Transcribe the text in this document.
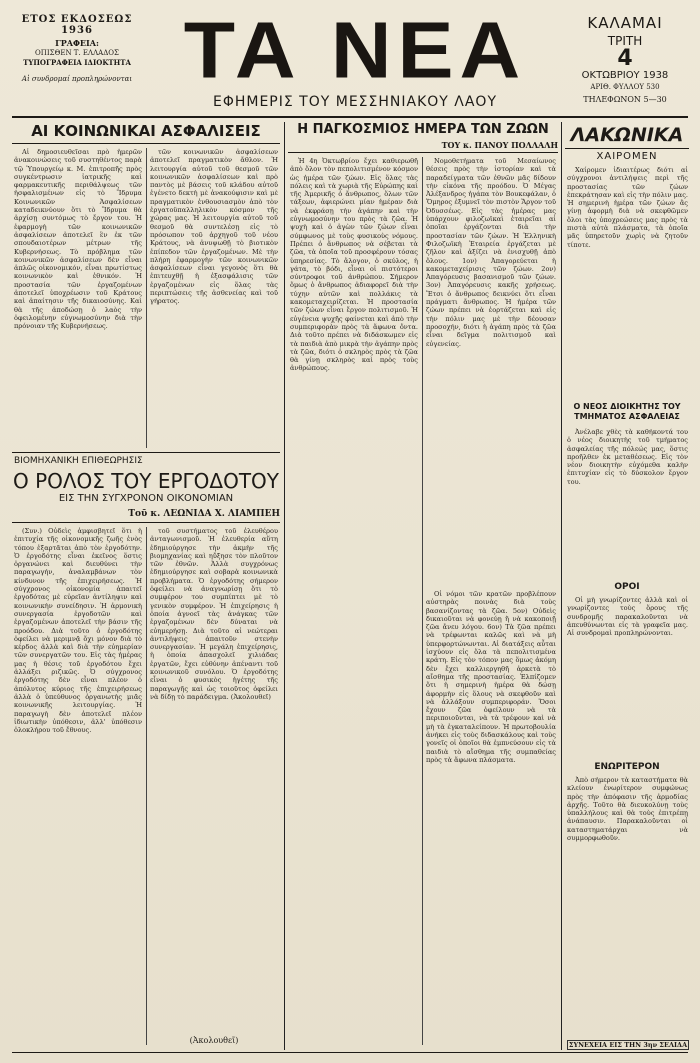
ΕΤΟΣ ΕΚΔΟΣΕΩΣ 1936
ΓΡΑΦΕΙΑ:
ΟΠΙΣΘΕΝ Τ. ΕΛΛΑΔΟΣ
ΤΥΠΟΓΡΑΦΕΙΑ ΙΔΙΟΚΤΗΤΑ
Αἱ συνδρομαί προπληρώνονται ΤΑ ΝΕΑ
ΕΦΗΜΕΡΙΣ ΤΟΥ ΜΕΣΣΗΝΙΑΚΟΥ ΛΑΟΥ
ΚΑΛΑΜΑΙ
ΤΡΙΤΗ
4
ΟΚΤΩΒΡΙΟΥ 1938
ΑΡΙΘ. ΦΥΛΛΟΥ 530
ΤΗΛΕΦΩΝΟΝ 5—30
ΑΙ ΚΟΙΝΩΝΙΚΑΙ ΑΣΦΑΛΙΣΕΙΣ

Αἱ δημοσιευθεῖσαι πρὸ ἡμερῶν ἀνακοινώσεις τοῦ συστηθέντος παρὰ τῷ Ὑπουργείῳ κ. Μ. ἐπιτροπῆς πρὸς συγκέντρωσιν ἰατρικῆς καὶ φαρμακευτικῆς περιθάλψεως τῶν ἠσφαλισμένων εἰς τὸ Ἵδρυμα Κοινωνικῶν Ἀσφαλίσεων καταδεικνύουν ὅτι τὸ Ἵδρυμα θὰ ἀρχίσῃ συντόμως τὸ ἔργον του. Ἡ ἐφαρμογὴ τῶν κοινωνικῶν ἀσφαλίσεων ἀποτελεῖ ἓν ἐκ τῶν σπουδαιοτέρων μέτρων τῆς Κυβερνήσεως. Τὸ πρόβλημα τῶν κοινωνικῶν ἀσφαλίσεων δὲν εἶναι ἁπλῶς οἰκονομικόν, εἶναι πρωτίστως κοινωνικὸν καὶ ἐθνικόν. Ἡ προστασία τῶν ἐργαζομένων ἀποτελεῖ ὑποχρέωσιν τοῦ Κράτους καὶ ἀπαίτησιν τῆς δικαιοσύνης. Καὶ θὰ τῆς ἀποδώσῃ ὁ λαὸς τὴν ὀφειλομένην εὐγνωμοσύνην διὰ τὴν πρόνοιαν τῆς Κυβερνήσεως.

τῶν κοινωνικῶν ἀσφαλίσεων ἀποτελεῖ πραγματικὸν ἄθλον. Ἡ λειτουργία αὐτοῦ τοῦ θεσμοῦ τῶν κοινωνικῶν ἀσφαλίσεων καὶ πρὸ παντὸς μὲ βάσεις τοῦ κλάδου αὐτοῦ ἐγένετο δεκτὴ μὲ ἀνακούφισιν καὶ μὲ πραγματικὸν ἐνθουσιασμὸν ἀπὸ τὸν ἐργατοϋπαλληλικὸν κόσμον τῆς χώρας μας. Ἡ λειτουργία αὐτοῦ τοῦ θεσμοῦ θὰ συντελέσῃ εἰς τὸ πρόσωπον τοῦ ἀρχηγοῦ τοῦ νέου Κράτους, νὰ ἀνυψωθῇ τὸ βιοτικὸν ἐπίπεδον τῶν ἐργαζομένων. Μὲ τὴν πλήρη ἐφαρμογὴν τῶν κοινωνικῶν ἀσφαλίσεων εἶναι γεγονὸς ὅτι θὰ ἐπιτευχθῇ ἡ ἐξασφάλισις τῶν ἐργαζομένων εἰς ὅλας τὰς περιπτώσεις τῆς ἀσθενείας καὶ τοῦ γήρατος.

ΒΙΟΜΗΧΑΝΙΚΗ ΕΠΙΘΕΩΡΗΣΙΣ
Ο ΡΟΛΟΣ ΤΟΥ ΕΡΓΟΔΟΤΟΥ
ΕΙΣ ΤΗΝ ΣΥΓΧΡΟΝΟΝ ΟΙΚΟΝΟΜΙΑΝ
Τοῦ κ. ΛΕΩΝΙΔΑ Χ. ΛΙΑΜΠΕΗ

(Συν.) Οὐδεὶς ἀμφισβητεῖ ὅτι ἡ ἐπιτυχία τῆς οἰκονομικῆς ζωῆς ἑνὸς τόπου ἐξαρτᾶται ἀπὸ τὸν ἐργοδότην. Ὁ ἐργοδότης εἶναι ἐκεῖνος ὅστις ὀργανώνει καὶ διευθύνει τὴν παραγωγήν, ἀναλαμβάνων τὸν κίνδυνον τῆς ἐπιχειρήσεως. Ἡ σύγχρονος οἰκονομία ἀπαιτεῖ ἐργοδότας μὲ εὐρεῖαν ἀντίληψιν καὶ κοινωνικὴν συνείδησιν. Ἡ ἁρμονικὴ συνεργασία ἐργοδοτῶν καὶ ἐργαζομένων ἀποτελεῖ τὴν βάσιν τῆς προόδου. Διὰ τοῦτο ὁ ἐργοδότης ὀφείλει νὰ μεριμνᾷ ὄχι μόνον διὰ τὸ κέρδος ἀλλὰ καὶ διὰ τὴν εὐημερίαν τῶν συνεργατῶν του. Εἰς τὰς ἡμέρας μας ἡ θέσις τοῦ ἐργοδότου ἔχει ἀλλάξει ριζικῶς. Ὁ σύγχρονος ἐργοδότης δὲν εἶναι πλέον ὁ ἀπόλυτος κύριος τῆς ἐπιχειρήσεως ἀλλὰ ὁ ὑπεύθυνος ὀργανωτὴς μιᾶς κοινωνικῆς λειτουργίας. Ἡ παραγωγὴ δὲν ἀποτελεῖ πλέον ἰδιωτικὴν ὑπόθεσιν, ἀλλ' ὑπόθεσιν ὁλοκλήρου τοῦ ἔθνους.

τοῦ συστήματος τοῦ ἐλευθέρου ἀνταγωνισμοῦ. Ἡ ἐλευθερία αὕτη ἐδημιούργησε τὴν ἀκμὴν τῆς βιομηχανίας καὶ ηὔξησε τὸν πλοῦτον τῶν ἐθνῶν. Ἀλλὰ συγχρόνως ἐδημιούργησε καὶ σοβαρὰ κοινωνικὰ προβλήματα. Ὁ ἐργοδότης σήμερον ὀφείλει νὰ ἀναγνωρίσῃ ὅτι τὸ συμφέρον του συμπίπτει μὲ τὸ γενικὸν συμφέρον. Ἡ ἐπιχείρησις ἡ ὁποία ἀγνοεῖ τὰς ἀνάγκας τῶν ἐργαζομένων δὲν δύναται νὰ εὐημερήσῃ. Διὰ τοῦτο αἱ νεώτεραι ἀντιλήψεις ἀπαιτοῦν στενὴν συνεργασίαν. Ἡ μεγάλη ἐπιχείρησις, ἡ ὁποία ἀπασχολεῖ χιλιάδας ἐργατῶν, ἔχει εὐθύνην ἀπέναντι τοῦ κοινωνικοῦ συνόλου. Ὁ ἐργοδότης εἶναι ὁ φυσικὸς ἡγέτης τῆς παραγωγῆς καὶ ὡς τοιοῦτος ὀφείλει νὰ δίδῃ τὸ παράδειγμα. (Ἀκολουθεῖ)

(Ἀκολουθεῖ)
Η ΠΑΓΚΟΣΜΙΟΣ ΗΜΕΡΑ ΤΩΝ ΖΩΩΝ
ΤΟΥ κ. ΠΑΝΟΥ ΠΟΛΛΑΛΗ

Ἡ 4η Ὀκτωβρίου ἔχει καθιερωθῆ ἀπὸ ὅλον τὸν πεπολιτισμένον κόσμον ὡς ἡμέρα τῶν ζώων. Εἰς ὅλας τὰς πόλεις καὶ τὰ χωριὰ τῆς Εὐρώπης καὶ τῆς Ἀμερικῆς ὁ ἄνθρωπος, ὅλων τῶν τάξεων, ἀφιερώνει μίαν ἡμέραν διὰ νὰ ἐκφράσῃ τὴν ἀγάπην καὶ τὴν εὐγνωμοσύνην του πρὸς τὰ ζῶα. Ἡ ψυχὴ καὶ ὁ ἀγὼν τῶν ζώων εἶναι σύμφωνος μὲ τοὺς φυσικοὺς νόμους. Πρέπει ὁ ἄνθρωπος νὰ σέβεται τὰ ζῶα, τὰ ὁποῖα τοῦ προσφέρουν τόσας ὑπηρεσίας. Τὸ ἄλογον, ὁ σκύλος, ἡ γάτα, τὸ βόδι, εἶναι οἱ πιστότεροι σύντροφοι τοῦ ἀνθρώπου. Σήμερον ὅμως ὁ ἄνθρωπος ἀδιαφορεῖ διὰ τὴν τύχην αὐτῶν καὶ πολλάκις τὰ κακομεταχειρίζεται. Ἡ προστασία τῶν ζώων εἶναι ἔργον πολιτισμοῦ. Ἡ εὐγένεια ψυχῆς φαίνεται καὶ ἀπὸ τὴν συμπεριφορὰν πρὸς τὰ ἄφωνα ὄντα. Διὰ τοῦτο πρέπει νὰ διδάσκωμεν εἰς τὰ παιδιὰ ἀπὸ μικρὰ τὴν ἀγάπην πρὸς τὰ ζῶα, διότι ὁ σκληρὸς πρὸς τὰ ζῶα θὰ γίνῃ σκληρὸς καὶ πρὸς τοὺς ἀνθρώπους.

Νομοθετήματα τοῦ Μεσαίωνος θέσεις πρὸς τὴν ἱστορίαν καὶ τὰ παραδείγματα τῶν ἐθνῶν μᾶς δίδουν τὴν εἰκόνα τῆς προόδου. Ὁ Μέγας Ἀλέξανδρος ἠγάπα τὸν Βουκεφάλαν, ὁ Ὅμηρος ἐξυμνεῖ τὸν πιστὸν Ἄργον τοῦ Ὀδυσσέως. Εἰς τὰς ἡμέρας μας ὑπάρχουν φιλοζωϊκαὶ ἑταιρεῖαι αἱ ὁποῖαι ἐργάζονται διὰ τὴν προστασίαν τῶν ζώων. Ἡ Ἑλληνικὴ Φιλοζωϊκὴ Ἑταιρεία ἐργάζεται μὲ ζῆλον καὶ ἀξίζει νὰ ἐνισχυθῇ ἀπὸ ὅλους. 1ον) Ἀπαγορεύεται ἡ κακομεταχείρισις τῶν ζώων. 2ον) Ἀπαγόρευσις βασανισμοῦ τῶν ζώων. 3ον) Ἀπαγόρευσις κακῆς χρήσεως. Ἔτσι ὁ ἄνθρωπος δεικνύει ὅτι εἶναι πράγματι ἄνθρωπος. Ἡ ἡμέρα τῶν ζώων πρέπει νὰ ἑορτάζεται καὶ εἰς τὴν πόλιν μας μὲ τὴν δέουσαν προσοχήν, διότι ἡ ἀγάπη πρὸς τὰ ζῶα εἶναι δεῖγμα πολιτισμοῦ καὶ εὐγενείας.

Οἱ νόμοι τῶν κρατῶν προβλέπουν αὐστηρὰς ποινὰς διὰ τοὺς βασανίζοντας τὰ ζῶα. 5ον) Οὐδεὶς δικαιοῦται νὰ φονεύῃ ἢ νὰ κακοποιῇ ζῶα ἄνευ λόγου. 6ον) Τὰ ζῶα πρέπει νὰ τρέφωνται καλῶς καὶ νὰ μὴ ὑπερφορτώνωνται. Αἱ διατάξεις αὗται ἰσχύουν εἰς ὅλα τὰ πεπολιτισμένα κράτη. Εἰς τὸν τόπον μας ὅμως ἀκόμη δὲν ἔχει καλλιεργηθῆ ἀρκετὰ τὸ αἴσθημα τῆς προστασίας. Ἐλπίζομεν ὅτι ἡ σημερινὴ ἡμέρα θὰ δώσῃ ἀφορμὴν εἰς ὅλους νὰ σκεφθοῦν καὶ νὰ ἀλλάξουν συμπεριφοράν. Ὅσοι ἔχουν ζῶα ὀφείλουν νὰ τὰ περιποιοῦνται, νὰ τὰ τρέφουν καὶ νὰ μὴ τὰ ἐγκαταλείπουν. Ἡ πρωτοβουλία ἀνήκει εἰς τοὺς διδασκάλους καὶ τοὺς γονεῖς οἱ ὁποῖοι θὰ ἐμπνεύσουν εἰς τὰ παιδιὰ τὸ αἴσθημα τῆς συμπαθείας πρὸς τὰ ἄφωνα πλάσματα.

ΛΑΚΩΝΙΚΑ
ΧΑΙΡΟΜΕΝ

Χαίρομεν ἰδιαιτέρως διότι αἱ σύγχρονοι ἀντιλήψεις περὶ τῆς προστασίας τῶν ζώων ἐπεκράτησαν καὶ εἰς τὴν πόλιν μας. Ἡ σημερινὴ ἡμέρα τῶν ζώων ἂς γίνῃ ἀφορμὴ διὰ νὰ σκεφθῶμεν ὅλοι τὰς ὑποχρεώσεις μας πρὸς τὰ πιστὰ αὐτὰ πλάσματα, τὰ ὁποῖα μᾶς ὑπηρετοῦν χωρὶς νὰ ζητοῦν τίποτε.

Ο ΝΕΟΣ ΔΙΟΙΚΗΤΗΣ ΤΟΥ ΤΜΗΜΑΤΟΣ ΑΣΦΑΛΕΙΑΣ

Ἀνέλαβε χθὲς τὰ καθήκοντά του ὁ νέος διοικητὴς τοῦ τμήματος ἀσφαλείας τῆς πόλεώς μας, ὅστις προῆλθεν ἐκ μεταθέσεως. Εἰς τὸν νέον διοικητὴν εὐχόμεθα καλὴν ἐπιτυχίαν εἰς τὸ δύσκολον ἔργον του.

ΟΡΟΙ

Οἱ μὴ γνωρίζοντες ἀλλὰ καὶ οἱ γνωρίζοντες τοὺς ὅρους τῆς συνδρομῆς παρακαλοῦνται νὰ ἀπευθύνωνται εἰς τὰ γραφεῖα μας. Αἱ συνδρομαὶ προπληρώνονται.

ΕΝΩΡΙΤΕΡΟΝ

Ἀπὸ σήμερον τὰ καταστήματα θὰ κλείουν ἐνωρίτερον συμφώνως πρὸς τὴν ἀπόφασιν τῆς ἀρμοδίας ἀρχῆς. Τοῦτο θὰ διευκολύνῃ τοὺς ὑπαλλήλους καὶ θὰ τοὺς ἐπιτρέπῃ ἀνάπαυσιν. Παρακαλοῦνται οἱ καταστηματάρχαι νὰ συμμορφωθοῦν.

ΣΥΝΕΧΕΙΑ ΕΙΣ ΤΗΝ 3ην ΣΕΛΙΔΑ
